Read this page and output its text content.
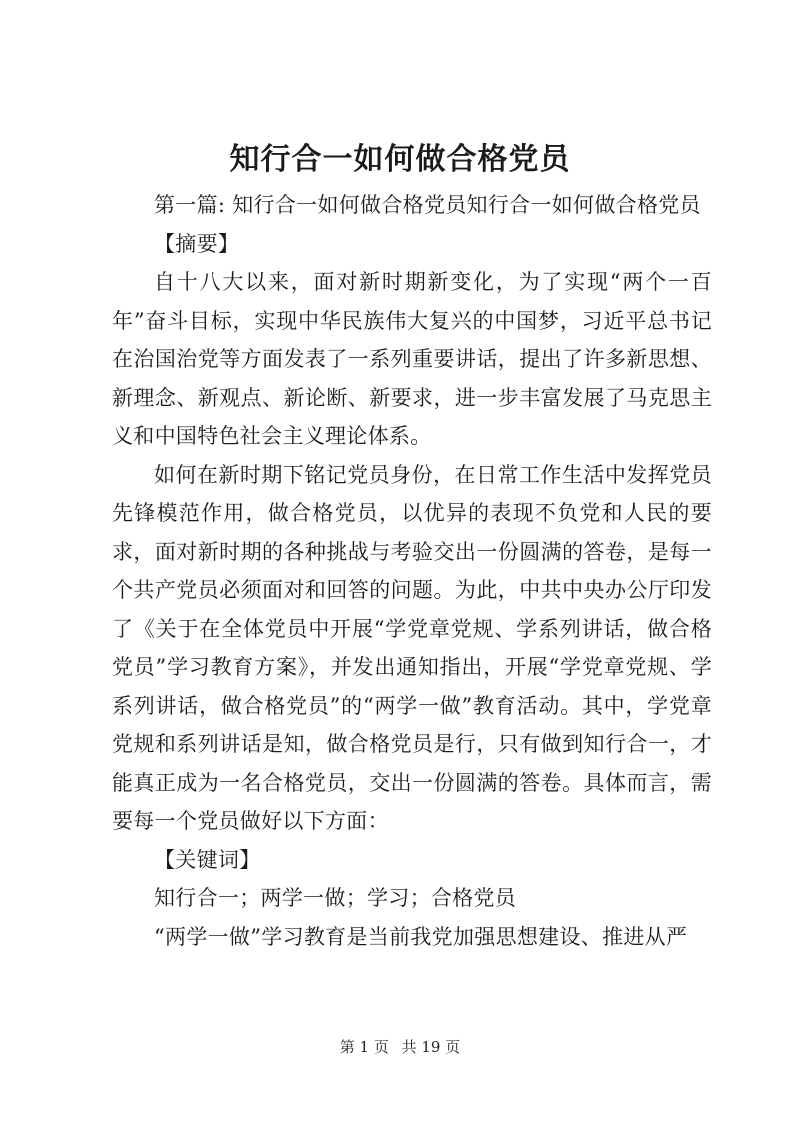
知行合一如何做合格党员

第一篇: 知行合一如何做合格党员知行合一如何做合格党员

【摘要】

自十八大以来，面对新时期新变化，为了实现“两个一百年”奋斗目标，实现中华民族伟大复兴的中国梦，习近平总书记在治国治党等方面发表了一系列重要讲话，提出了许多新思想、新理念、新观点、新论断、新要求，进一步丰富发展了马克思主义和中国特色社会主义理论体系。

如何在新时期下铭记党员身份，在日常工作生活中发挥党员先锋模范作用，做合格党员，以优异的表现不负党和人民的要求，面对新时期的各种挑战与考验交出一份圆满的答卷，是每一个共产党员必须面对和回答的问题。为此，中共中央办公厅印发了《关于在全体党员中开展“学党章党规、学系列讲话，做合格党员”学习教育方案》，并发出通知指出，开展“学党章党规、学系列讲话，做合格党员”的“两学一做”教育活动。其中，学党章党规和系列讲话是知，做合格党员是行，只有做到知行合一，才能真正成为一名合格党员，交出一份圆满的答卷。具体而言，需要每一个党员做好以下方面：

【关键词】

知行合一；两学一做；学习；合格党员

“两学一做”学习教育是当前我党加强思想建设、推进从严

第 1 页 共 19 页
